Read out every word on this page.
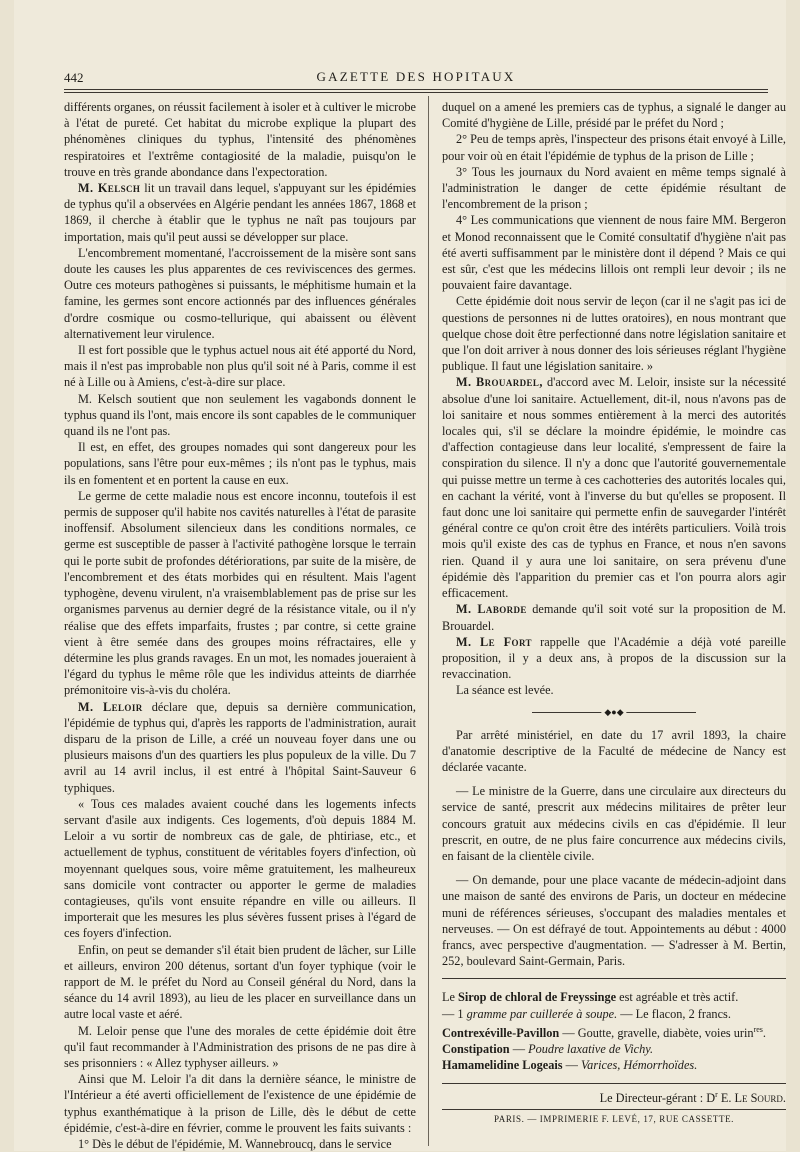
442	GAZETTE DES HOPITAUX

différents organes, on réussit facilement à isoler et à cultiver le microbe à l'état de pureté. Cet habitat du microbe explique la plupart des phénomènes cliniques du typhus, l'intensité des phénomènes respiratoires et l'extrême contagiosité de la maladie, puisqu'on le trouve en très grande abondance dans l'expectoration.

M. Kelsch lit un travail dans lequel, s'appuyant sur les épidémies de typhus qu'il a observées en Algérie pendant les années 1867, 1868 et 1869, il cherche à établir que le typhus ne naît pas toujours par importation, mais qu'il peut aussi se développer sur place.

L'encombrement momentané, l'accroissement de la misère sont sans doute les causes les plus apparentes de ces reviviscences des germes. Outre ces moteurs pathogènes si puissants, le méphitisme humain et la famine, les germes sont encore actionnés par des influences générales d'ordre cosmique ou cosmo-tellurique, qui abaissent ou élèvent alternativement leur virulence.

Il est fort possible que le typhus actuel nous ait été apporté du Nord, mais il n'est pas improbable non plus qu'il soit né à Paris, comme il est né à Lille ou à Amiens, c'est-à-dire sur place.

M. Kelsch soutient que non seulement les vagabonds donnent le typhus quand ils l'ont, mais encore ils sont capables de le communiquer quand ils ne l'ont pas.

Il est, en effet, des groupes nomades qui sont dangereux pour les populations, sans l'être pour eux-mêmes ; ils n'ont pas le typhus, mais ils en fomentent et en portent la cause en eux.

Le germe de cette maladie nous est encore inconnu, toutefois il est permis de supposer qu'il habite nos cavités naturelles à l'état de parasite inoffensif. Absolument silencieux dans les conditions normales, ce germe est susceptible de passer à l'activité pathogène lorsque le terrain qui le porte subit de profondes détériorations, par suite de la misère, de l'encombrement et des états morbides qui en résultent. Mais l'agent typhogène, devenu virulent, n'a vraisemblablement pas de prise sur les organismes parvenus au dernier degré de la résistance vitale, ou il n'y réalise que des effets imparfaits, frustes ; par contre, si cette graine vient à être semée dans des groupes moins réfractaires, elle y détermine les plus grands ravages. En un mot, les nomades joueraient à l'égard du typhus le même rôle que les individus atteints de diarrhée prémonitoire vis-à-vis du choléra.

M. Leloir déclare que, depuis sa dernière communication, l'épidémie de typhus qui, d'après les rapports de l'administration, aurait disparu de la prison de Lille, a créé un nouveau foyer dans une ou plusieurs maisons d'un des quartiers les plus populeux de la ville. Du 7 avril au 14 avril inclus, il est entré à l'hôpital Saint-Sauveur 6 typhiques.

« Tous ces malades avaient couché dans les logements infects servant d'asile aux indigents. Ces logements, d'où depuis 1884 M. Leloir a vu sortir de nombreux cas de gale, de phtiriase, etc., et actuellement de typhus, constituent de véritables foyers d'infection, où moyennant quelques sous, voire même gratuitement, les malheureux sans domicile vont contracter ou apporter le germe de maladies contagieuses, qu'ils vont ensuite répandre en ville ou ailleurs. Il importerait que les mesures les plus sévères fussent prises à l'égard de ces foyers d'infection.

Enfin, on peut se demander s'il était bien prudent de lâcher, sur Lille et ailleurs, environ 200 détenus, sortant d'un foyer typhique (voir le rapport de M. le préfet du Nord au Conseil général du Nord, dans la séance du 14 avril 1893), au lieu de les placer en surveillance dans un autre local vaste et aéré.

M. Leloir pense que l'une des morales de cette épidémie doit être qu'il faut recommander à l'Administration des prisons de ne pas dire à ses prisonniers : « Allez typhyser ailleurs. »

Ainsi que M. Leloir l'a dit dans la dernière séance, le ministre de l'Intérieur a été averti officiellement de l'existence de une épidémie de typhus exanthématique à la prison de Lille, dès le début de cette épidémie, c'est-à-dire en février, comme le prouvent les faits suivants :

1° Dès le début de l'épidémie, M. Wannebroucq, dans le service

duquel on a amené les premiers cas de typhus, a signalé le danger au Comité d'hygiène de Lille, présidé par le préfet du Nord ;

2° Peu de temps après, l'inspecteur des prisons était envoyé à Lille, pour voir où en était l'épidémie de typhus de la prison de Lille ;

3° Tous les journaux du Nord avaient en même temps signalé à l'administration le danger de cette épidémie résultant de l'encombrement de la prison ;

4° Les communications que viennent de nous faire MM. Bergeron et Monod reconnaissent que le Comité consultatif d'hygiène n'ait pas été averti suffisamment par le ministère dont il dépend ? Mais ce qui est sûr, c'est que les médecins lillois ont rempli leur devoir ; ils ne pouvaient faire davantage.

Cette épidémie doit nous servir de leçon (car il ne s'agit pas ici de questions de personnes ni de luttes oratoires), en nous montrant que quelque chose doit être perfectionné dans notre législation sanitaire et que l'on doit arriver à nous donner des lois sérieuses réglant l'hygiène publique. Il faut une législation sanitaire. »

M. Brouardel, d'accord avec M. Leloir, insiste sur la nécessité absolue d'une loi sanitaire. Actuellement, dit-il, nous n'avons pas de loi sanitaire et nous sommes entièrement à la merci des autorités locales qui, s'il se déclare la moindre épidémie, le moindre cas d'affection contagieuse dans leur localité, s'empressent de faire la conspiration du silence. Il n'y a donc que l'autorité gouvernementale qui puisse mettre un terme à ces cachotteries des autorités locales qui, en cachant la vérité, vont à l'inverse du but qu'elles se proposent. Il faut donc une loi sanitaire qui permette enfin de sauvegarder l'intérêt général contre ce qu'on croit être des intérêts particuliers. Voilà trois mois qu'il existe des cas de typhus en France, et nous n'en savons rien. Quand il y aura une loi sanitaire, on sera prévenu d'une épidémie dès l'apparition du premier cas et l'on pourra alors agir efficacement.

M. Laborde demande qu'il soit voté sur la proposition de M. Brouardel.

M. Le Fort rappelle que l'Académie a déjà voté pareille proposition, il y a deux ans, à propos de la discussion sur la revaccination.

La séance est levée.

◆●◆

Par arrêté ministériel, en date du 17 avril 1893, la chaire d'anatomie descriptive de la Faculté de médecine de Nancy est déclarée vacante.

— Le ministre de la Guerre, dans une circulaire aux directeurs du service de santé, prescrit aux médecins militaires de prêter leur concours gratuit aux médecins civils en cas d'épidémie. Il leur prescrit, en outre, de ne plus faire concurrence aux médecins civils, en faisant de la clientèle civile.

— On demande, pour une place vacante de médecin-adjoint dans une maison de santé des environs de Paris, un docteur en médecine muni de références sérieuses, s'occupant des maladies mentales et nerveuses. — On est défrayé de tout. Appointements au début : 4000 francs, avec perspective d'augmentation. — S'adresser à M. Bertin, 252, boulevard Saint-Germain, Paris.

Le Sirop de chloral de Freyssinge est agréable et très actif.

— 1 gramme par cuillerée à soupe. — Le flacon, 2 francs.

Contrexéville-Pavillon — Goutte, gravelle, diabète, voies urin$^{res}$.

Constipation — Poudre laxative de Vichy.

Hamamelidine Logeais — Varices, Hémorrhoïdes.

Le Directeur-gérant : $D^r$ E. Le Sourd.
PARIS. — IMPRIMERIE F. LEVÉ, 17, RUE CASSETTE.
